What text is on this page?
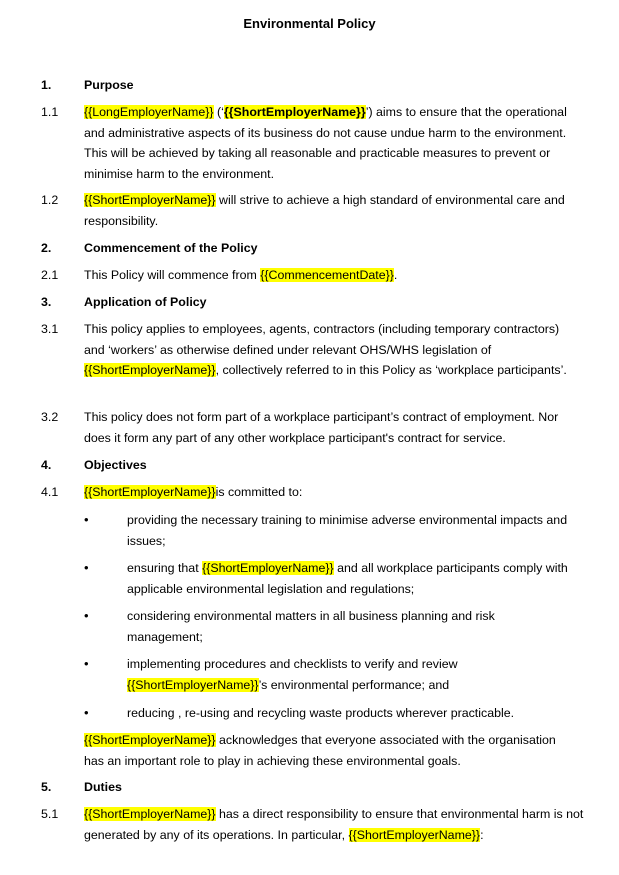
Environmental Policy
1.	Purpose
1.1 {{LongEmployerName}} (‘{{ShortEmployerName}}’) aims to ensure that the operational and administrative aspects of its business do not cause undue harm to the environment. This will be achieved by taking all reasonable and practicable measures to prevent or minimise harm to the environment.
1.2 {{ShortEmployerName}} will strive to achieve a high standard of environmental care and responsibility.
2.	Commencement of the Policy
2.1 This Policy will commence from {{CommencementDate}}.
3.	Application of Policy
3.1 This policy applies to employees, agents, contractors (including temporary contractors) and ‘workers’ as otherwise defined under relevant OHS/WHS legislation of {{ShortEmployerName}}, collectively referred to in this Policy as ‘workplace participants’.
3.2 This policy does not form part of a workplace participant’s contract of employment. Nor does it form any part of any other workplace participant's contract for service.
4.	Objectives
4.1 {{ShortEmployerName}}is committed to:
•	providing the necessary training to minimise adverse environmental impacts and issues;
•	ensuring that {{ShortEmployerName}} and all workplace participants comply with applicable environmental legislation and regulations;
•	considering environmental matters in all business planning and risk management;
•	implementing procedures and checklists to verify and review {{ShortEmployerName}}’s environmental performance; and
•	reducing , re-using and recycling waste products wherever practicable.
{{ShortEmployerName}} acknowledges that everyone associated with the organisation has an important role to play in achieving these environmental goals.
5.	Duties
5.1 {{ShortEmployerName}} has a direct responsibility to ensure that environmental harm is not generated by any of its operations. In particular, {{ShortEmployerName}}:
